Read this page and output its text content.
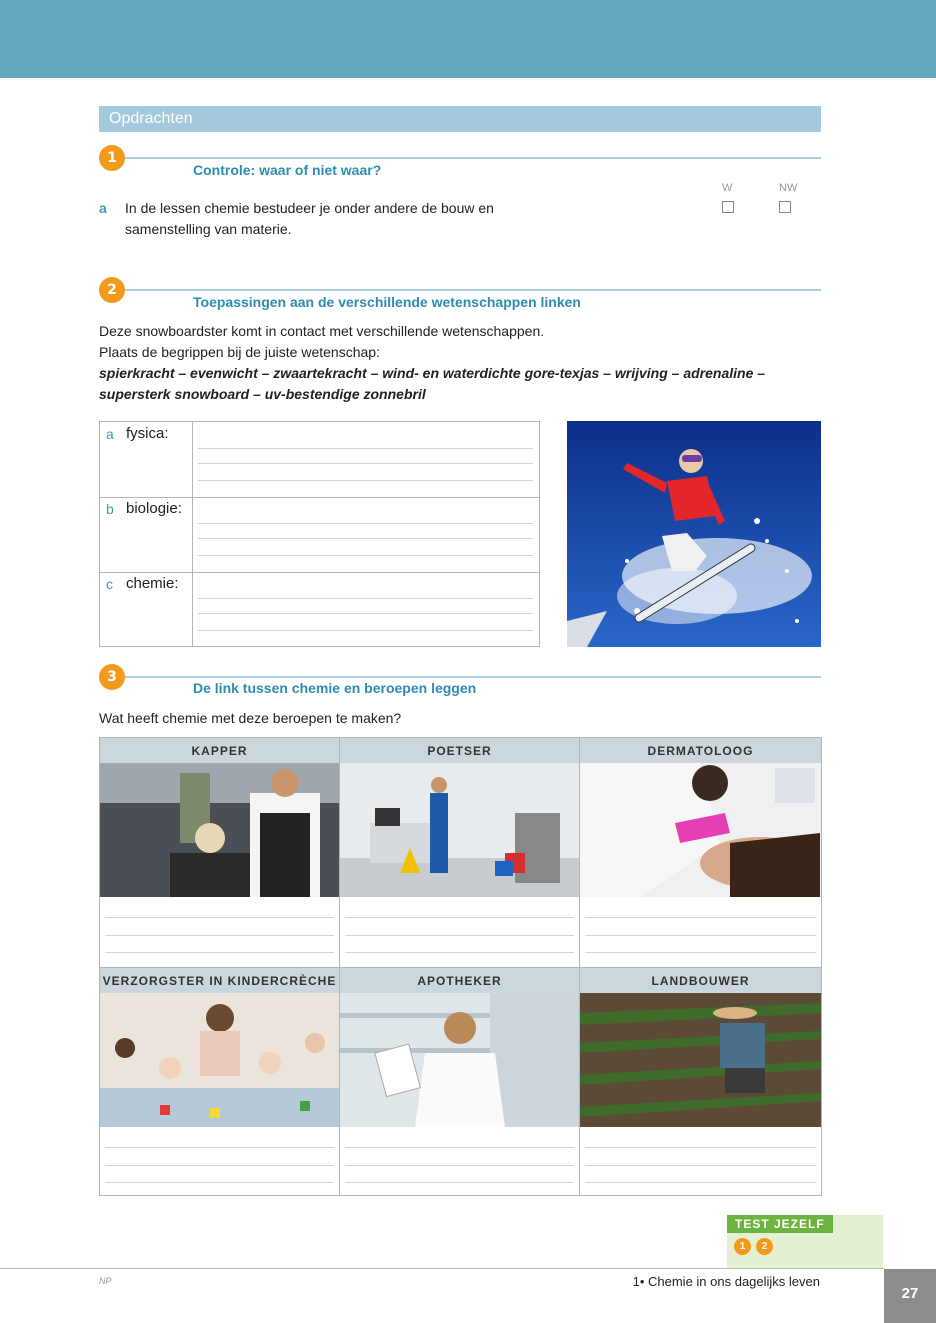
Opdrachten
1
Controle: waar of niet waar?
W	NW
a In de lessen chemie bestudeer je onder andere de bouw en
samenstelling van materie.
2
Toepassingen aan de verschillende wetenschappen linken
Deze snowboardster komt in contact met verschillende wetenschappen.
Plaats de begrippen bij de juiste wetenschap:
spierkracht – evenwicht – zwaartekracht – wind- en waterdichte gore-texjas – wrijving – adrenaline –
supersterk snowboard – uv-bestendige zonnebril
a fysica:
b biologie:
c chemie:
3
De link tussen chemie en beroepen leggen
Wat heeft chemie met deze beroepen te maken?
KAPPER	POETSER	DERMATOLOOG
VERZORGSTER IN KINDERCRÈCHE	APOTHEKER	LANDBOUWER
TEST JEZELF
1	2
NP	1• Chemie in ons dagelijks leven
27
